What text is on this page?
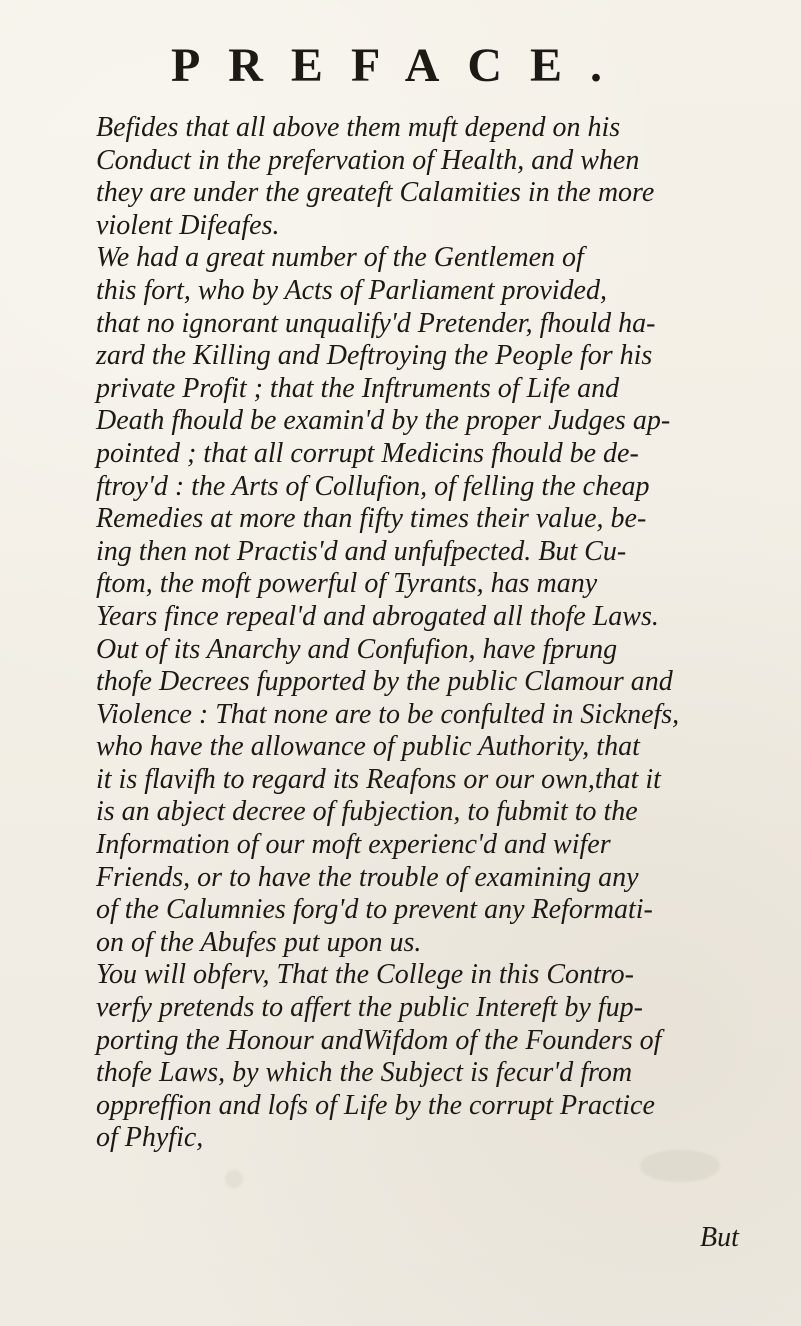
PREFACE.
Befides that all above them muft depend on his
Conduct in the prefervation of Health, and when
they are under the greateft Calamities in the more
violent Difeafes.
We had a great number of the Gentlemen of
this fort, who by Acts of Parliament provided,
that no ignorant unqualify'd Pretender, fhould ha-
zard the Killing and Deftroying the People for his
private Profit ; that the Inftruments of Life and
Death fhould be examin'd by the proper Judges ap-
pointed ; that all corrupt Medicins fhould be de-
ftroy'd : the Arts of Collufion, of felling the cheap
Remedies at more than fifty times their value, be-
ing then not Practis'd and unfufpected. But Cu-
ftom, the moft powerful of Tyrants, has many
Years fince repeal'd and abrogated all thofe Laws.
Out of its Anarchy and Confufion, have fprung
thofe Decrees fupported by the public Clamour and
Violence : That none are to be confulted in Sicknefs,
who have the allowance of public Authority, that
it is flavifh to regard its Reafons or our own,that it
is an abject decree of fubjection, to fubmit to the
Information of our moft experienc'd and wifer
Friends, or to have the trouble of examining any
of the Calumnies forg'd to prevent any Reformati-
on of the Abufes put upon us.
You will obferv, That the College in this Contro-
verfy pretends to affert the public Intereft by fup-
porting the Honour andWifdom of the Founders of
thofe Laws, by which the Subject is fecur'd from
oppreffion and lofs of Life by the corrupt Practice
of Phyfic,
But
